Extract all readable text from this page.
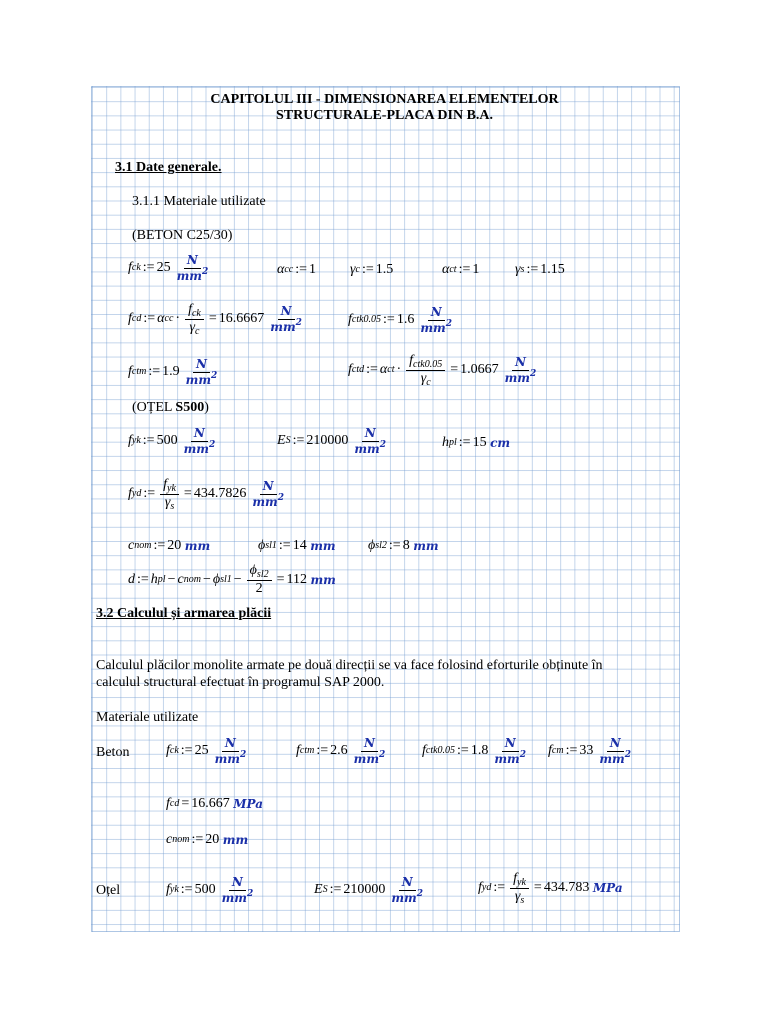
CAPITOLUL III - DIMENSIONAREA ELEMENTELOR
STRUCTURALE-PLACA DIN B.A.
3.1 Date generale.
3.1.1 Materiale utilizate
(BETON C25/30)
f ck := $25 \frac{N}{mm^2}$	α cc := 1 γ c := 1.5	α ct := 1	γ s := 1.15
f cd := α cc · $\frac{f_{ck}}{\gamma_c} = 16.6667 \frac{N}{mm^2}$	f ctk0.05 := $1.6 \frac{N}{mm^2}$
f ctm := $1.9 \frac{N}{mm^2}$	f ctd := α ct · $\frac{f_{ctk0.05}}{\gamma_c} = 1.0667 \frac{N}{mm^2}$
(OȚEL S500)
f yk := $500 \frac{N}{mm^2}$	E S := $210000 \frac{N}{mm^2}$	h pl := 15
cm
f yd := $\frac{f_{yk}}{\gamma_s} = 434.7826 \frac{N}{mm^2}$
c nom := 20
mm	ϕ sl1 := 14
mm ϕ sl2 := 8
mm
d := h pl − c nom − ϕ $sl1 - \frac{\phi_{sl2}}{2} = 112$
mm
3.2 Calculul și armarea plăcii
Calculul plăcilor monolite armate pe două direcții se va face folosind eforturile obținute în
calculul structural efectuat în programul SAP 2000.
Materiale utilizate
Beton	f ck := $25 \frac{N}{mm^2}$	f ctm := $2.6 \frac{N}{mm^2}$ f ctk0.05 := $1.8 \frac{N}{mm^2}$ f cm := $33 \frac{N}{mm^2}$
f cd = 16.667
MPa
c nom := 20
mm
Oțel	f yk := $500 \frac{N}{mm^2}$	E S := $210000 \frac{N}{mm^2}$	f yd := $\frac{f_{yk}}{\gamma_s} = 434.783$
MPa
